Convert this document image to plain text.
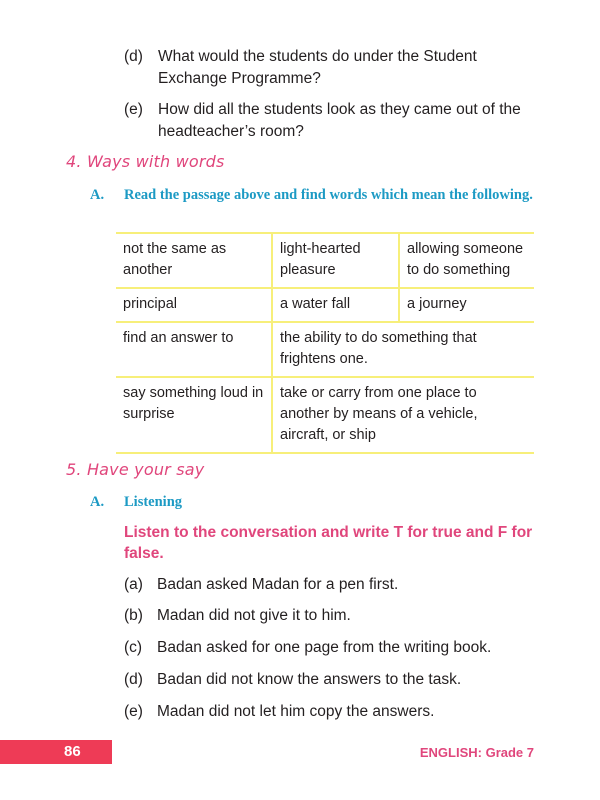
(d) What would the students do under the Student
Exchange Programme?
(e) How did all the students look as they came out of the
headteacher’s room?
4. Ways with words
A. Read the passage above and find words which mean the following.
not the same as another	light-hearted pleasure	allowing someone to do something
principal	a water fall	a journey
find an answer to	the ability to do something that frightens one.	
say something loud in surprise	take or carry from one place to another by means of a vehicle, aircraft, or ship	
5. Have your say
A. Listening
Listen to the conversation and write T for true and F for false.
(a) Badan asked Madan for a pen first.
(b) Madan did not give it to him.
(c) Badan asked for one page from the writing book.
(d) Badan did not know the answers to the task.
(e) Madan did not let him copy the answers.
86	ENGLISH: Grade 7
